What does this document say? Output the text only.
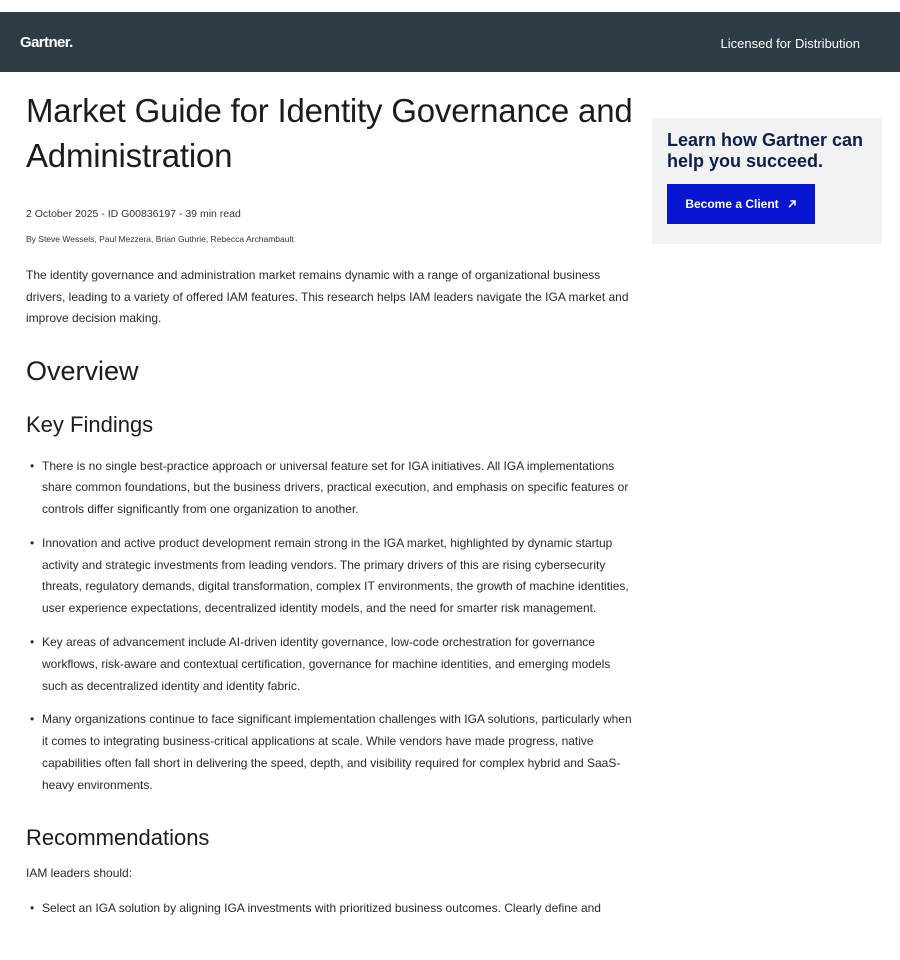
Gartner.	Licensed for Distribution
Market Guide for Identity Governance and Administration
2 October 2025 - ID G00836197 - 39 min read
By Steve Wessels, Paul Mezzera, Brian Guthrie, Rebecca Archambault

The identity governance and administration market remains dynamic with a range of organizational business drivers, leading to a variety of offered IAM features. This research helps IAM leaders navigate the IGA market and improve decision making.

Overview
Key Findings
• There is no single best-practice approach or universal feature set for IGA initiatives. All IGA implementations share common foundations, but the business drivers, practical execution, and emphasis on specific features or controls differ significantly from one organization to another.
• Innovation and active product development remain strong in the IGA market, highlighted by dynamic startup activity and strategic investments from leading vendors. The primary drivers of this are rising cybersecurity threats, regulatory demands, digital transformation, complex IT environments, the growth of machine identities, user experience expectations, decentralized identity models, and the need for smarter risk management.
• Key areas of advancement include AI-driven identity governance, low-code orchestration for governance workflows, risk-aware and contextual certification, governance for machine identities, and emerging models such as decentralized identity and identity fabric.
• Many organizations continue to face significant implementation challenges with IGA solutions, particularly when it comes to integrating business-critical applications at scale. While vendors have made progress, native capabilities often fall short in delivering the speed, depth, and visibility required for complex hybrid and SaaS-heavy environments.
Recommendations

IAM leaders should:

• Select an IGA solution by aligning IGA investments with prioritized business outcomes. Clearly define and
Learn how Gartner can help you succeed.
Become a Client
